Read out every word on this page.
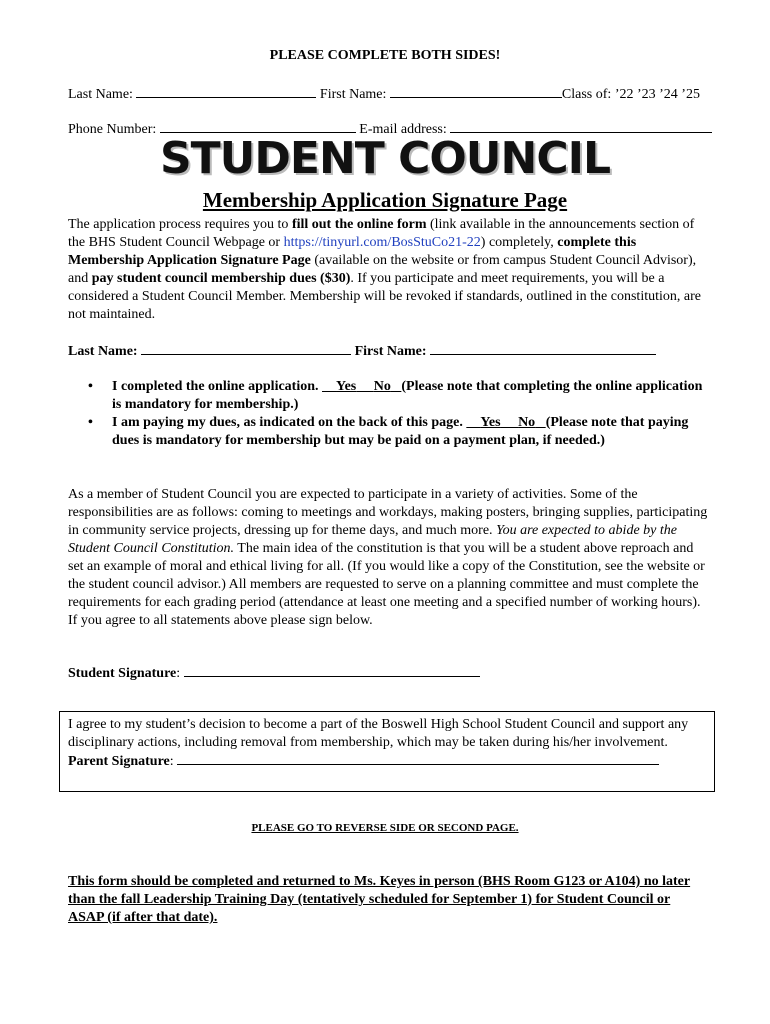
PLEASE COMPLETE BOTH SIDES!
Last Name:	First Name:	Class of: ’22 ’23 ’24 ’25
Phone Number:	E-mail address:
STUDENT COUNCIL
Membership Application Signature Page
The application process requires you to fill out the online form (link available in the announcements section of the BHS Student Council Webpage or https://tinyurl.com/BosStuCo21-22) completely, complete this Membership Application Signature Page (available on the website or from campus Student Council Advisor), and pay student council membership dues ($30). If you participate and meet requirements, you will be a considered a Student Council Member. Membership will be revoked if standards, outlined in the constitution, are not maintained.
Last Name:	First Name:
• I completed the online application.     Yes No (Please note that completing the online application is mandatory for membership.)
• I am paying my dues, as indicated on the back of this page.     Yes No (Please note that paying dues is mandatory for membership but may be paid on a payment plan, if needed.)
As a member of Student Council you are expected to participate in a variety of activities. Some of the responsibilities are as follows: coming to meetings and workdays, making posters, bringing supplies, participating in community service projects, dressing up for theme days, and much more. You are expected to abide by the Student Council Constitution. The main idea of the constitution is that you will be a student above reproach and set an example of moral and ethical living for all. (If you would like a copy of the Constitution, see the website or the student council advisor.) All members are requested to serve on a planning committee and must complete the requirements for each grading period (attendance at least one meeting and a specified number of working hours). If you agree to all statements above please sign below.
Student Signature:
I agree to my student’s decision to become a part of the Boswell High School Student Council and support any disciplinary actions, including removal from membership, which may be taken during his/her involvement.
Parent Signature:
PLEASE GO TO REVERSE SIDE OR SECOND PAGE.
This form should be completed and returned to Ms. Keyes in person (BHS Room G123 or A104) no later than the fall Leadership Training Day (tentatively scheduled for September 1) for Student Council or ASAP (if after that date).
